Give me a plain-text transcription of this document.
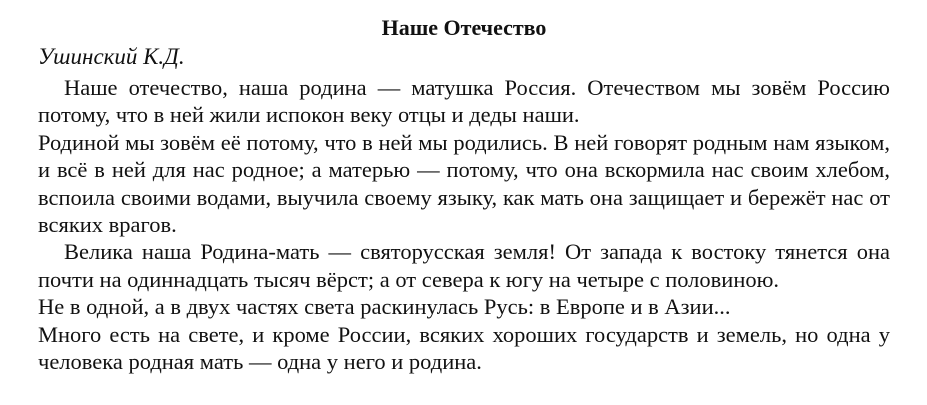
Наше Отечество
Ушинский К.Д.

Наше отечество, наша родина — матушка Россия. Отечеством мы зовём Россию потому, что в ней жили испокон веку отцы и деды наши.

Родиной мы зовём её потому, что в ней мы родились. В ней говорят родным нам языком, и всё в ней для нас родное; а матерью — потому, что она вскормила нас своим хлебом, вспоила своими водами, выучила своему языку, как мать она защищает и бережёт нас от всяких врагов.

Велика наша Родина-мать — святорусская земля! От запада к востоку тянется она почти на одиннадцать тысяч вёрст; а от севера к югу на четыре с половиною.

Не в одной, а в двух частях света раскинулась Русь: в Европе и в Азии...

Много есть на свете, и кроме России, всяких хороших государств и земель, но одна у человека родная мать — одна у него и родина.
